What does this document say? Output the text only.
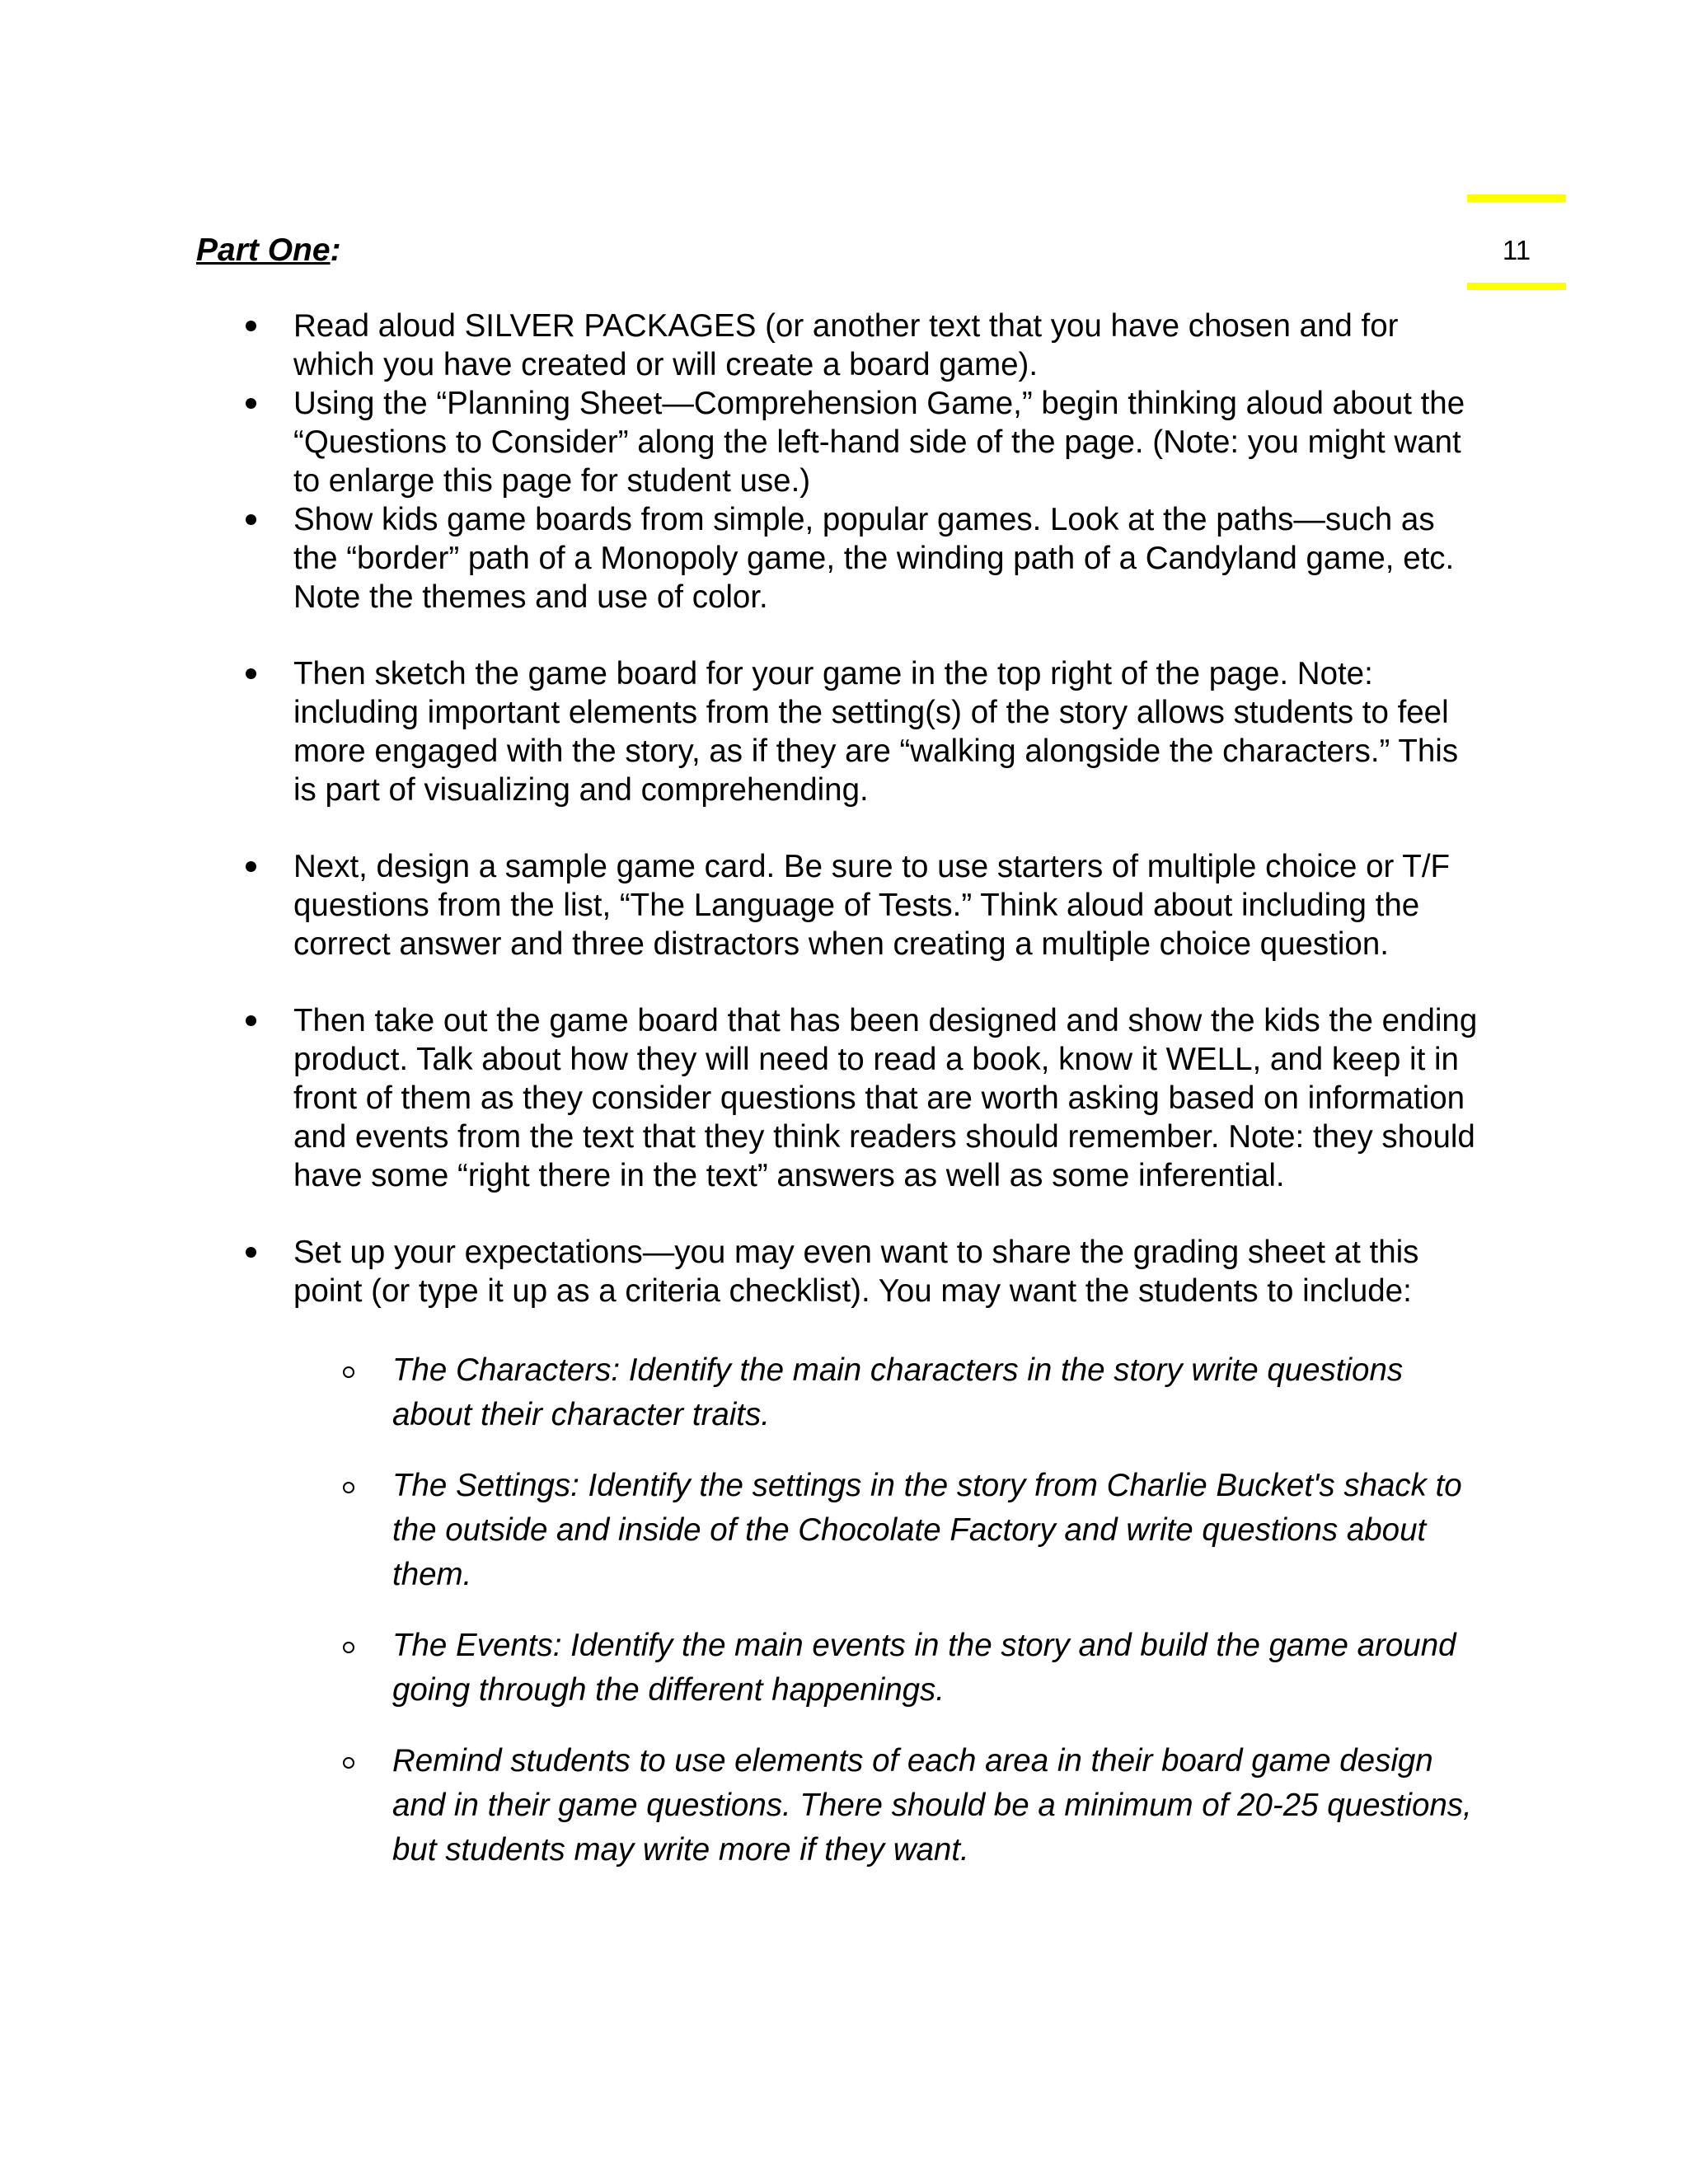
11
Part One:
Read aloud SILVER PACKAGES (or another text that you have chosen and for which you have created or will create a board game).
Using the “Planning Sheet—Comprehension Game,” begin thinking aloud about the “Questions to Consider” along the left-hand side of the page. (Note: you might want to enlarge this page for student use.)
Show kids game boards from simple, popular games. Look at the paths—such as the “border” path of a Monopoly game, the winding path of a Candyland game, etc. Note the themes and use of color.
Then sketch the game board for your game in the top right of the page. Note: including important elements from the setting(s) of the story allows students to feel more engaged with the story, as if they are “walking alongside the characters.” This is part of visualizing and comprehending.
Next, design a sample game card. Be sure to use starters of multiple choice or T/F questions from the list, “The Language of Tests.” Think aloud about including the correct answer and three distractors when creating a multiple choice question.
Then take out the game board that has been designed and show the kids the ending product. Talk about how they will need to read a book, know it WELL, and keep it in front of them as they consider questions that are worth asking based on information and events from the text that they think readers should remember. Note: they should have some “right there in the text” answers as well as some inferential.
Set up your expectations—you may even want to share the grading sheet at this point (or type it up as a criteria checklist). You may want the students to include:
The Characters: Identify the main characters in the story write questions about their character traits.
The Settings: Identify the settings in the story from Charlie Bucket's shack to the outside and inside of the Chocolate Factory and write questions about them.
The Events: Identify the main events in the story and build the game around going through the different happenings.
Remind students to use elements of each area in their board game design and in their game questions. There should be a minimum of 20-25 questions, but students may write more if they want.
